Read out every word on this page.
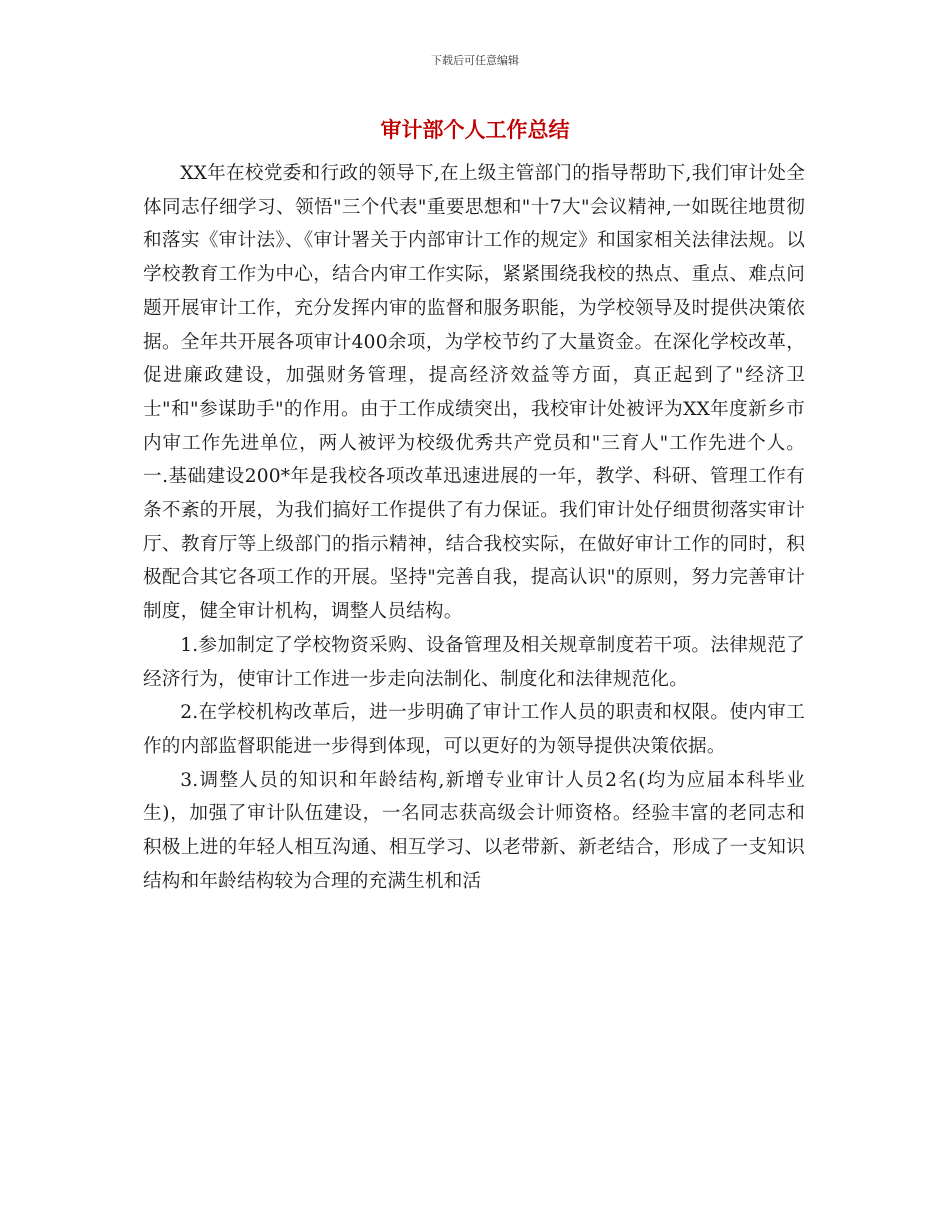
下载后可任意编辑
审计部个人工作总结

XX年在校党委和行政的领导下,在上级主管部门的指导帮助下,我们审计处全体同志仔细学习、领悟"三个代表"重要思想和"十7大"会议精神,一如既往地贯彻和落实《审计法》、《审计署关于内部审计工作的规定》和国家相关法律法规。以学校教育工作为中心，结合内审工作实际，紧紧围绕我校的热点、重点、难点问题开展审计工作，充分发挥内审的监督和服务职能，为学校领导及时提供决策依据。全年共开展各项审计400余项，为学校节约了大量资金。在深化学校改革，促进廉政建设，加强财务管理，提高经济效益等方面，真正起到了"经济卫士"和"参谋助手"的作用。由于工作成绩突出，我校审计处被评为XX年度新乡市内审工作先进单位，两人被评为校级优秀共产党员和"三育人"工作先进个人。一.基础建设200*年是我校各项改革迅速进展的一年，教学、科研、管理工作有条不紊的开展，为我们搞好工作提供了有力保证。我们审计处仔细贯彻落实审计厅、教育厅等上级部门的指示精神，结合我校实际，在做好审计工作的同时，积极配合其它各项工作的开展。坚持"完善自我，提高认识"的原则，努力完善审计制度，健全审计机构，调整人员结构。

1.参加制定了学校物资采购、设备管理及相关规章制度若干项。法律规范了经济行为，使审计工作进一步走向法制化、制度化和法律规范化。

2.在学校机构改革后，进一步明确了审计工作人员的职责和权限。使内审工作的内部监督职能进一步得到体现，可以更好的为领导提供决策依据。

3.调整人员的知识和年龄结构,新增专业审计人员2名(均为应届本科毕业生)，加强了审计队伍建设，一名同志获高级会计师资格。经验丰富的老同志和积极上进的年轻人相互沟通、相互学习、以老带新、新老结合，形成了一支知识结构和年龄结构较为合理的充满生机和活
